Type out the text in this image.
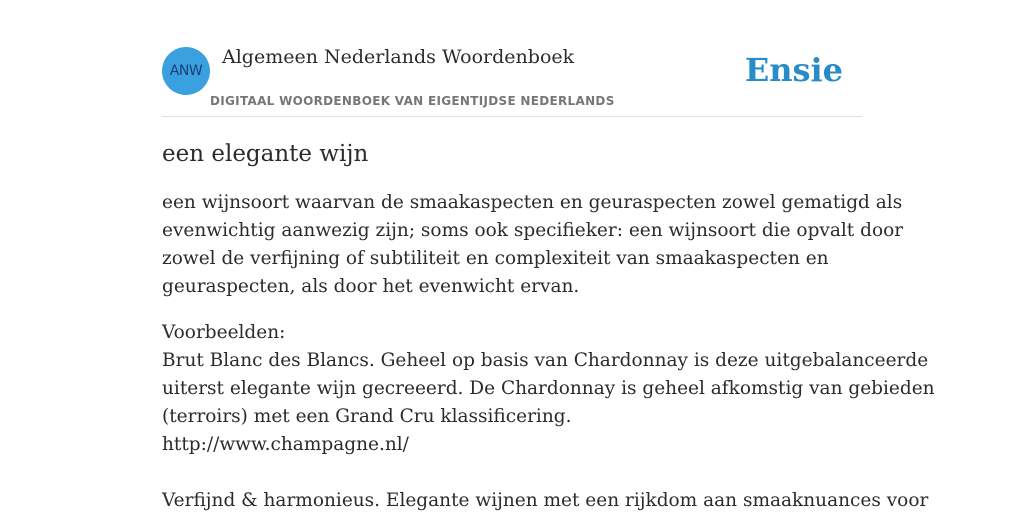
ANW
Algemeen Nederlands Woordenboek
DIGITAAL WOORDENBOEK VAN EIGENTIJDSE NEDERLANDS
Ensie
een elegante wijn

een wijnsoort waarvan de smaakaspecten en geuraspecten zowel gematigd als
evenwichtig aanwezig zijn; soms ook specifieker: een wijnsoort die opvalt door
zowel de verfijning of subtiliteit en complexiteit van smaakaspecten en
geuraspecten, als door het evenwicht ervan.

Voorbeelden:
Brut Blanc des Blancs. Geheel op basis van Chardonnay is deze uitgebalanceerde
uiterst elegante wijn gecreeerd. De Chardonnay is geheel afkomstig van gebieden
(terroirs) met een Grand Cru klassificering.
http://www.champagne.nl/
Verfijnd & harmonieus. Elegante wijnen met een rijkdom aan smaaknuances voor
